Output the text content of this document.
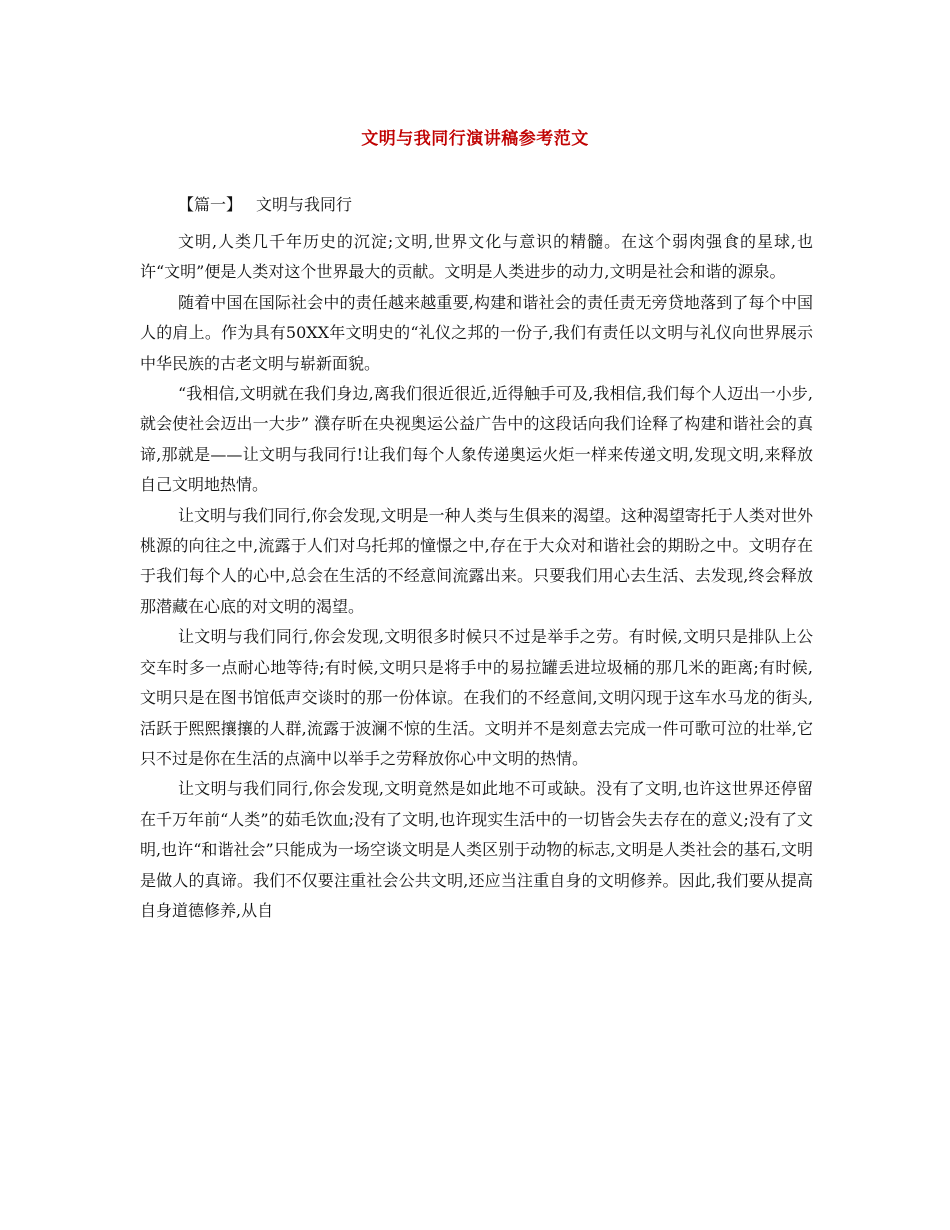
文明与我同行演讲稿参考范文
【篇一】 文明与我同行

文明,人类几千年历史的沉淀;文明,世界文化与意识的精髓。在这个弱肉强食的星球,也许“文明”便是人类对这个世界最大的贡献。文明是人类进步的动力,文明是社会和谐的源泉。

随着中国在国际社会中的责任越来越重要,构建和谐社会的责任责无旁贷地落到了每个中国人的肩上。作为具有50XX年文明史的“礼仪之邦的一份子,我们有责任以文明与礼仪向世界展示中华民族的古老文明与崭新面貌。

“我相信,文明就在我们身边,离我们很近很近,近得触手可及,我相信,我们每个人迈出一小步,就会使社会迈出一大步” 濮存昕在央视奥运公益广告中的这段话向我们诠释了构建和谐社会的真谛,那就是——让文明与我同行!让我们每个人象传递奥运火炬一样来传递文明,发现文明,来释放自己文明地热情。

让文明与我们同行,你会发现,文明是一种人类与生俱来的渴望。这种渴望寄托于人类对世外桃源的向往之中,流露于人们对乌托邦的憧憬之中,存在于大众对和谐社会的期盼之中。文明存在于我们每个人的心中,总会在生活的不经意间流露出来。只要我们用心去生活、去发现,终会释放那潜藏在心底的对文明的渴望。

让文明与我们同行,你会发现,文明很多时候只不过是举手之劳。有时候,文明只是排队上公交车时多一点耐心地等待;有时候,文明只是将手中的易拉罐丢进垃圾桶的那几米的距离;有时候,文明只是在图书馆低声交谈时的那一份体谅。在我们的不经意间,文明闪现于这车水马龙的街头,活跃于熙熙攘攘的人群,流露于波澜不惊的生活。文明并不是刻意去完成一件可歌可泣的壮举,它只不过是你在生活的点滴中以举手之劳释放你心中文明的热情。

让文明与我们同行,你会发现,文明竟然是如此地不可或缺。没有了文明,也许这世界还停留在千万年前“人类”的茹毛饮血;没有了文明,也许现实生活中的一切皆会失去存在的意义;没有了文明,也许“和谐社会”只能成为一场空谈文明是人类区别于动物的标志,文明是人类社会的基石,文明是做人的真谛。我们不仅要注重社会公共文明,还应当注重自身的文明修养。因此,我们要从提高自身道德修养,从自
